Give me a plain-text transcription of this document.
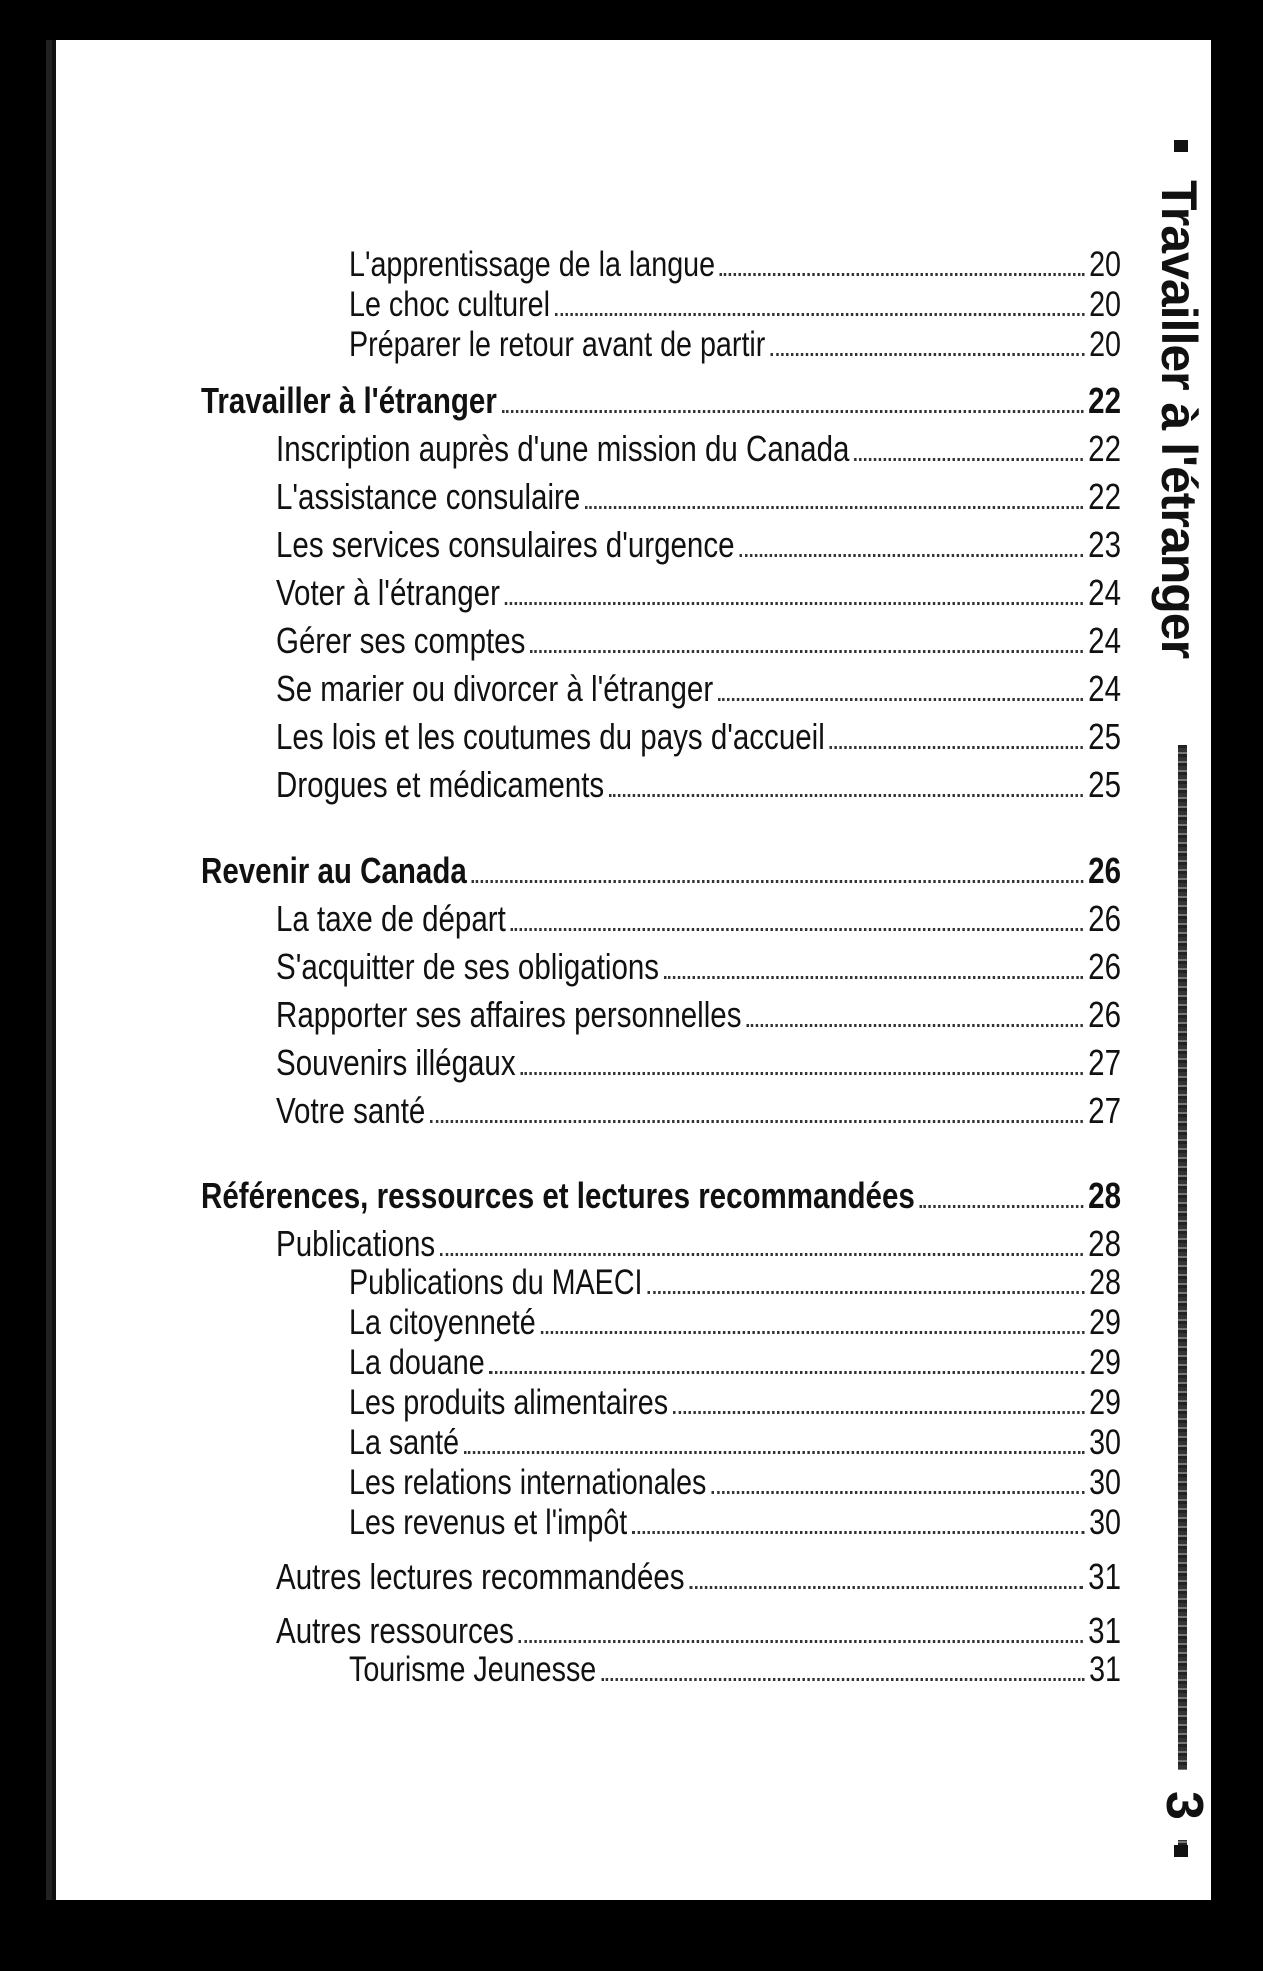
L'apprentissage de la langue	20
Le choc culturel	20
Préparer le retour avant de partir	20
Travailler à l'étranger	22
Inscription auprès d'une mission du Canada	22
L'assistance consulaire	22
Les services consulaires d'urgence	23
Voter à l'étranger	24
Gérer ses comptes	24
Se marier ou divorcer à l'étranger	24
Les lois et les coutumes du pays d'accueil	25
Drogues et médicaments	25
Revenir au Canada	26
La taxe de départ	26
S'acquitter de ses obligations	26
Rapporter ses affaires personnelles	26
Souvenirs illégaux	27
Votre santé	27
Références, ressources et lectures recommandées	28
Publications	28
Publications du MAECI	28
La citoyenneté	29
La douane	29
Les produits alimentaires	29
La santé	30
Les relations internationales	30
Les revenus et l'impôt	30
Autres lectures recommandées	31
Autres ressources	31
Tourisme Jeunesse	31
Travailler à l'étranger
3
